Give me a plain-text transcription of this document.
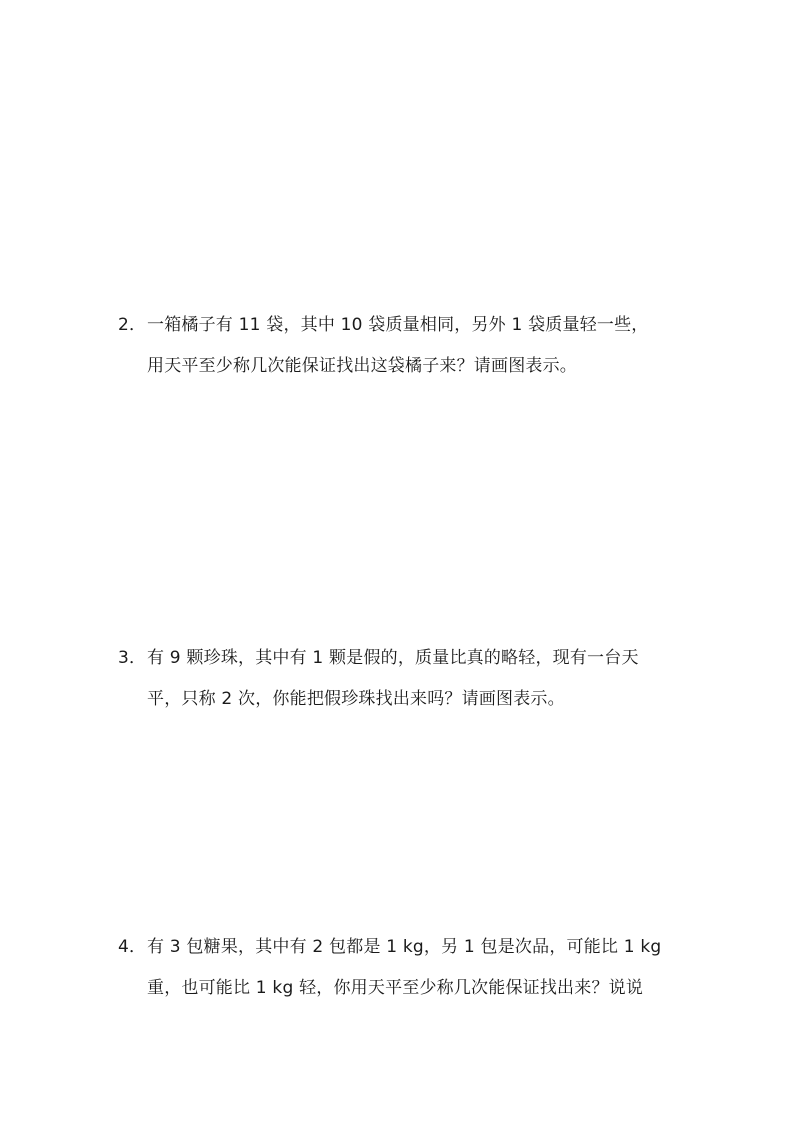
2．一箱橘子有 11 袋，其中 10 袋质量相同，另外 1 袋质量轻一些，
用天平至少称几次能保证找出这袋橘子来？请画图表示。
3．有 9 颗珍珠，其中有 1 颗是假的，质量比真的略轻，现有一台天
平，只称 2 次，你能把假珍珠找出来吗？请画图表示。
4．有 3 包糖果，其中有 2 包都是 1 kg，另 1 包是次品，可能比 1 kg
重，也可能比 1 kg 轻，你用天平至少称几次能保证找出来？说说
